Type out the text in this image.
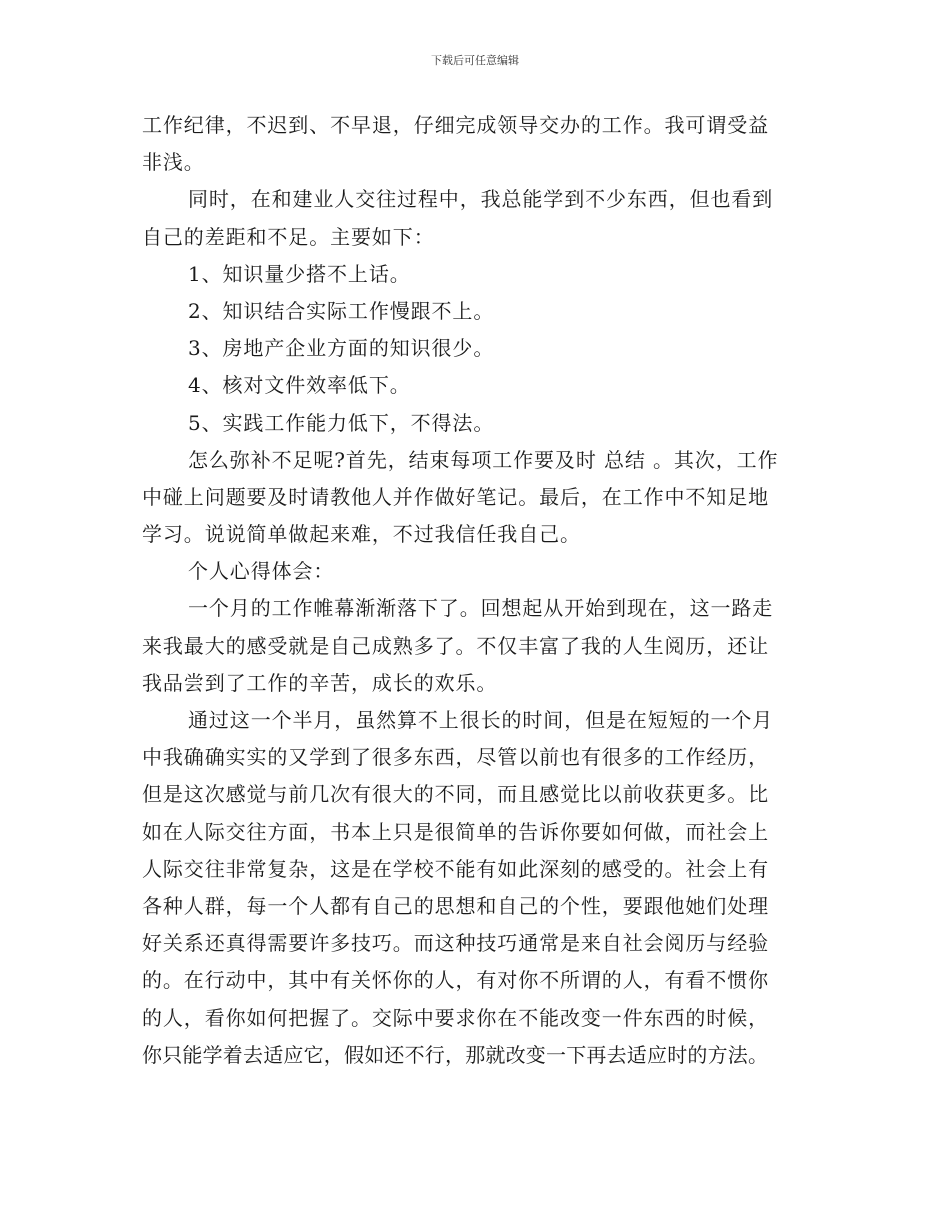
下载后可任意编辑
工作纪律，不迟到、不早退，仔细完成领导交办的工作。我可谓受益
非浅。
同时，在和建业人交往过程中，我总能学到不少东西，但也看到
自己的差距和不足。主要如下：
1、知识量少搭不上话。
2、知识结合实际工作慢跟不上。
3、房地产企业方面的知识很少。
4、核对文件效率低下。
5、实践工作能力低下，不得法。
怎么弥补不足呢?首先，结束每项工作要及时 总结 。其次，工作
中碰上问题要及时请教他人并作做好笔记。最后，在工作中不知足地
学习。说说简单做起来难，不过我信任我自己。
个人心得体会：
一个月的工作帷幕渐渐落下了。回想起从开始到现在，这一路走
来我最大的感受就是自己成熟多了。不仅丰富了我的人生阅历，还让
我品尝到了工作的辛苦，成长的欢乐。
通过这一个半月，虽然算不上很长的时间，但是在短短的一个月
中我确确实实的又学到了很多东西，尽管以前也有很多的工作经历，
但是这次感觉与前几次有很大的不同，而且感觉比以前收获更多。比
如在人际交往方面，书本上只是很简单的告诉你要如何做，而社会上
人际交往非常复杂，这是在学校不能有如此深刻的感受的。社会上有
各种人群，每一个人都有自己的思想和自己的个性，要跟他她们处理
好关系还真得需要许多技巧。而这种技巧通常是来自社会阅历与经验
的。在行动中，其中有关怀你的人，有对你不所谓的人，有看不惯你
的人，看你如何把握了。交际中要求你在不能改变一件东西的时候，
你只能学着去适应它，假如还不行，那就改变一下再去适应时的方法。
